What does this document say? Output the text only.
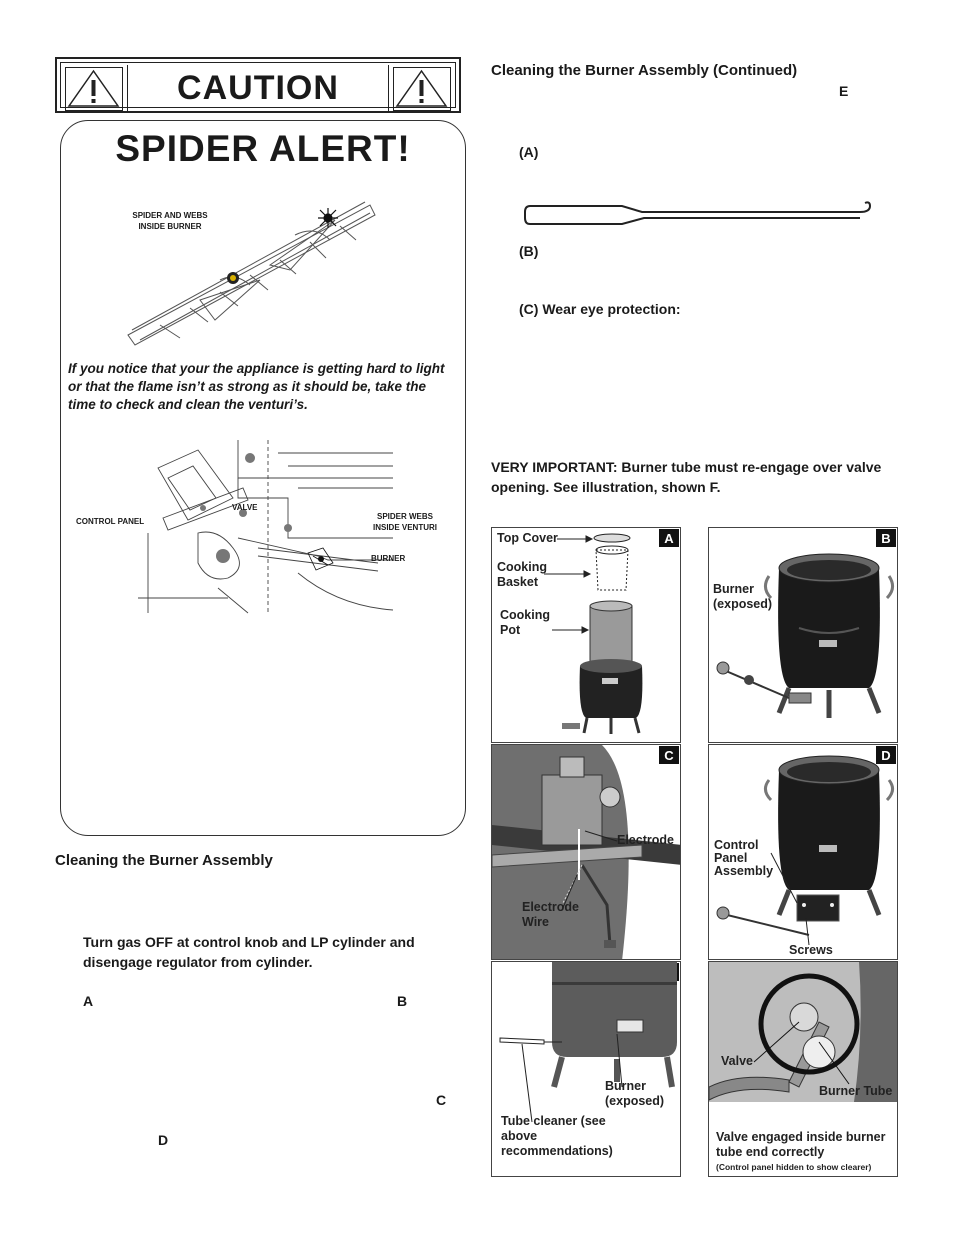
CAUTION
SPIDER ALERT!
SPIDER AND WEBS INSIDE BURNER
If you notice that your the appliance is getting hard to light or that the flame isn’t as strong as it should be, take the time to check and clean the venturi’s.
CONTROL PANEL
VALVE
SPIDER WEBS INSIDE VENTURI
BURNER
Cleaning the Burner Assembly
Turn gas OFF at control knob and LP cylinder and disengage regulator from cylinder.
A	B
C
D
Cleaning the Burner Assembly (Continued)
E
(A)
(B)
(C) Wear eye protection:
VERY IMPORTANT: Burner tube must re-engage over valve opening. See illustration, shown F.
A
Top Cover
Cooking Basket
Cooking Pot
B
Burner (exposed)
C
Electrode
Electrode Wire
D
Control Panel Assembly
Screws
Burner (exposed)
Tube cleaner (see above recommendations)
Valve
Burner Tube
Valve engaged inside burner tube end correctly
(Control panel hidden to show clearer)
